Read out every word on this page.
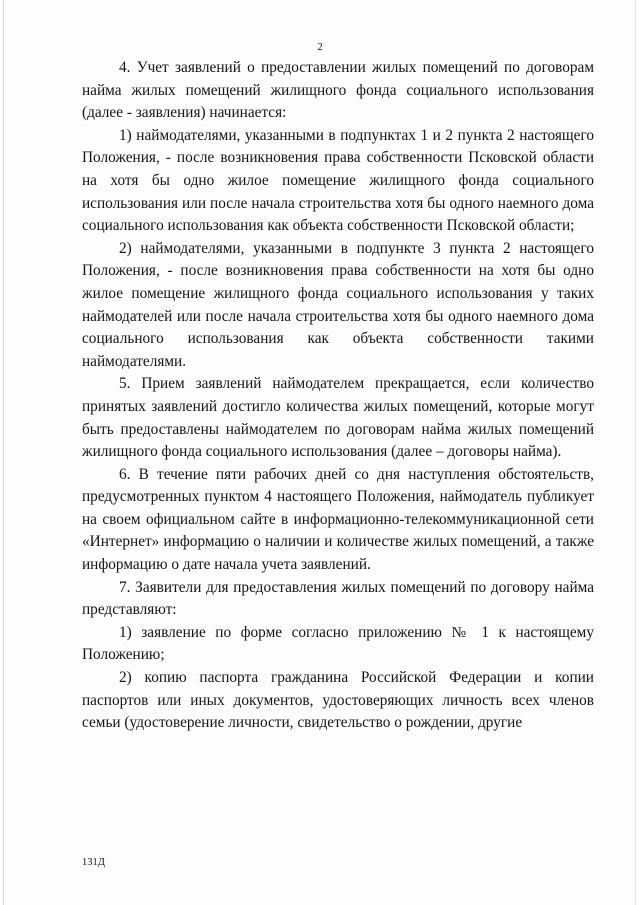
2

4. Учет заявлений о предоставлении жилых помещений по договорам найма жилых помещений жилищного фонда социального использования (далее - заявления) начинается:

1) наймодателями, указанными в подпунктах 1 и 2 пункта 2 настоящего Положения, - после возникновения права собственности Псковской области на хотя бы одно жилое помещение жилищного фонда социального использования или после начала строительства хотя бы одного наемного дома социального использования как объекта собственности Псковской области;

2) наймодателями, указанными в подпункте 3 пункта 2 настоящего Положения, - после возникновения права собственности на хотя бы одно жилое помещение жилищного фонда социального использования у таких наймодателей или после начала строительства хотя бы одного наемного дома социального использования как объекта собственности такими наймодателями.

5. Прием заявлений наймодателем прекращается, если количество принятых заявлений достигло количества жилых помещений, которые могут быть предоставлены наймодателем по договорам найма жилых помещений жилищного фонда социального использования (далее – договоры найма).

6. В течение пяти рабочих дней со дня наступления обстоятельств, предусмотренных пунктом 4 настоящего Положения, наймодатель публикует на своем официальном сайте в информационно-телекоммуникационной сети «Интернет» информацию о наличии и количестве жилых помещений, а также информацию о дате начала учета заявлений.

7. Заявители для предоставления жилых помещений по договору найма представляют:

1) заявление по форме согласно приложению № 1 к настоящему Положению;

2) копию паспорта гражданина Российской Федерации и копии паспортов или иных документов, удостоверяющих личность всех членов семьи (удостоверение личности, свидетельство о рождении, другие

131Д
